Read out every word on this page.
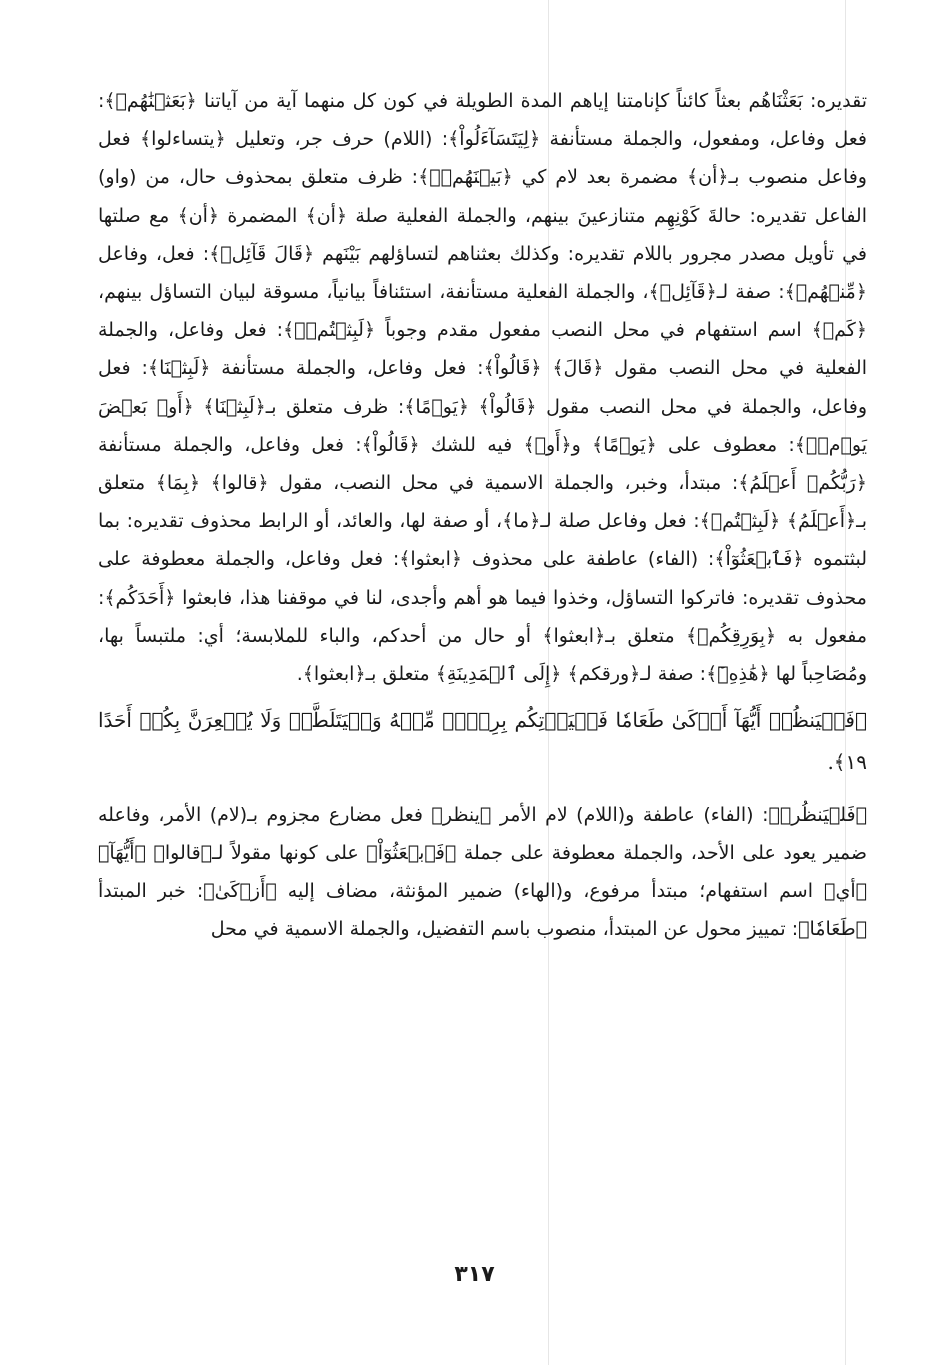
تقديره: بَعَثْنَاهُم بعثاً كائناً كإنامتنا إياهم المدة الطويلة في كون كل منهما آية من آياتنا ﴿بَعَثۡنَٰهُمۡ﴾: فعل وفاعل، ومفعول، والجملة مستأنفة ﴿لِيَتَسَآءَلُواْ﴾: (اللام) حرف جر، وتعليل ﴿يتساءلوا﴾ فعل وفاعل منصوب بـ﴿أن﴾ مضمرة بعد لام كي ﴿بَيۡنَهُمۡۚ﴾: ظرف متعلق بمحذوف حال، من (واو) الفاعل تقديره: حالةَ كَوْنِهِم متنازعينَ بينهم، والجملة الفعلية صلة ﴿أن﴾ المضمرة ﴿أن﴾ مع صلتها في تأويل مصدر مجرور باللام تقديره: وكذلك بعثناهم لتساؤلهم بَيْنَهم ﴿قَالَ قَآئِلٞ﴾: فعل، وفاعل ﴿مِّنۡهُمۡ﴾: صفة لـ﴿قَآئِلٞ﴾، والجملة الفعلية مستأنفة، استئنافاً بيانياً، مسوقة لبيان التساؤل بينهم، ﴿كَمۡ﴾ اسم استفهام في محل النصب مفعول مقدم وجوباً ﴿لَبِثۡتُمۡۖ﴾: فعل وفاعل، والجملة الفعلية في محل النصب مقول ﴿قَالَ﴾ ﴿قَالُواْ﴾: فعل وفاعل، والجملة مستأنفة ﴿لَبِثۡنَا﴾: فعل وفاعل، والجملة في محل النصب مقول ﴿قَالُواْ﴾ ﴿يَوۡمًا﴾: ظرف متعلق بـ﴿لَبِثۡنَا﴾ ﴿أَوۡ بَعۡضَ يَوۡمٖۚ﴾: معطوف على ﴿يَوۡمًا﴾ و﴿أَوۡ﴾ فيه للشك ﴿قَالُواْ﴾: فعل وفاعل، والجملة مستأنفة ﴿رَبُّكُمۡ أَعۡلَمُ﴾: مبتدأ، وخبر، والجملة الاسمية في محل النصب، مقول ﴿قالوا﴾ ﴿بِمَا﴾ متعلق بـ﴿أَعۡلَمُ﴾ ﴿لَبِثۡتُمۡ﴾: فعل وفاعل صلة لـ﴿ما﴾، أو صفة لها، والعائد، أو الرابط محذوف تقديره: بما لبثتموه ﴿فَٱبۡعَثُوٓاْ﴾: (الفاء) عاطفة على محذوف ﴿ابعثوا﴾: فعل وفاعل، والجملة معطوفة على محذوف تقديره: فاتركوا التساؤل، وخذوا فيما هو أهم وأجدى، لنا في موقفنا هذا، فابعثوا ﴿أَحَدَكُم﴾: مفعول به ﴿بِوَرِقِكُمۡ﴾ متعلق بـ﴿ابعثوا﴾ أو حال من أحدكم، والباء للملابسة؛ أي: ملتبساً بها، ومُصَاحِباً لها ﴿هَٰذِهِۦٓ﴾: صفة لـ﴿ورقكم﴾ ﴿إِلَى ٱلۡمَدِينَةِ﴾ متعلق بـ﴿ابعثوا﴾.

﴿فَلۡيَنظُرۡ أَيُّهَآ أَزۡكَىٰ طَعَامٗا فَلۡيَأۡتِكُم بِرِزۡقٖ مِّنۡهُ وَلۡيَتَلَطَّفۡ وَلَا يُشۡعِرَنَّ بِكُمۡ أَحَدًا ١٩﴾.

﴿فَلۡيَنظُرۡ﴾: (الفاء) عاطفة و(اللام) لام الأمر ﴿ينظر﴾ فعل مضارع مجزوم بـ(لام) الأمر، وفاعله ضمير يعود على الأحد، والجملة معطوفة على جملة ﴿فَٱبۡعَثُوٓاْ﴾ على كونها مقولاً لـ﴿قالوا﴾ ﴿أَيُّهَآ﴾ ﴿أي﴾ اسم استفهام؛ مبتدأ مرفوع، و(الهاء) ضمير المؤنثة، مضاف إليه ﴿أَزۡكَىٰ﴾: خبر المبتدأ ﴿طَعَامٗا﴾: تمييز محول عن المبتدأ، منصوب باسم التفضيل، والجملة الاسمية في محل

٣١٧
